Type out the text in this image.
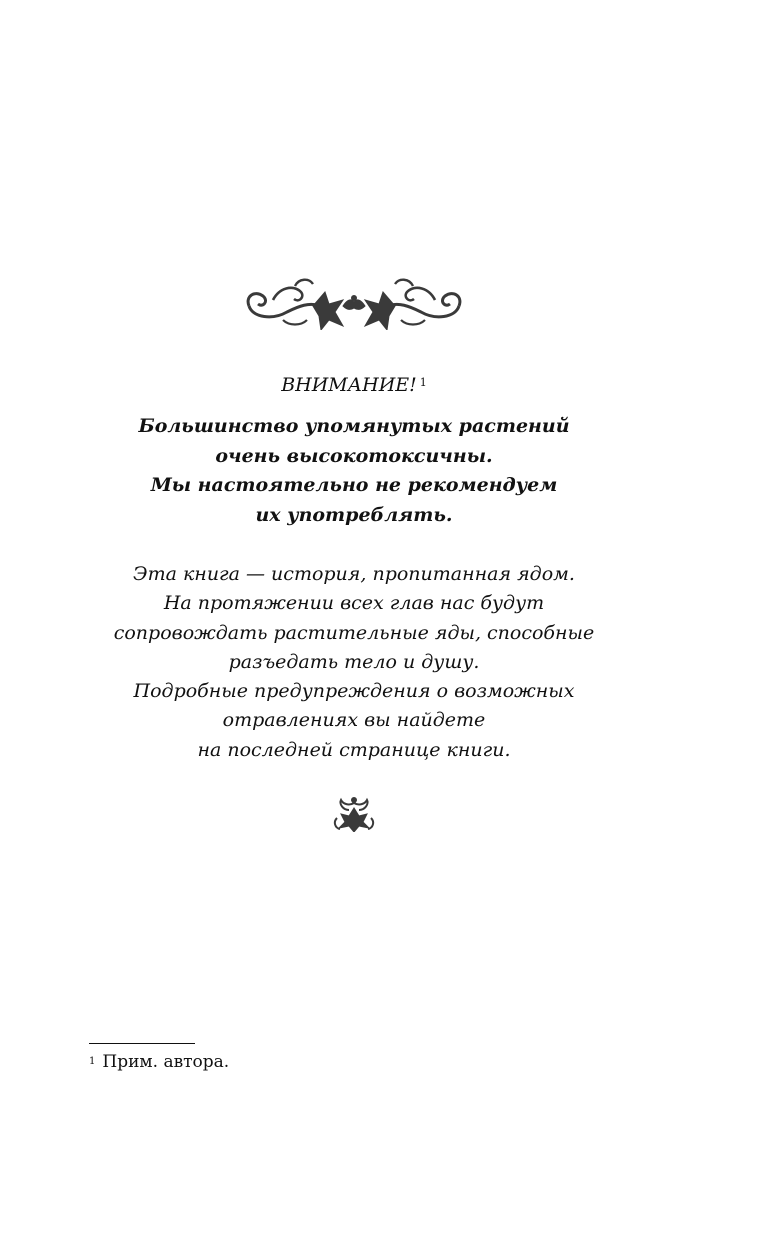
ВНИМАНИЕ! $^1$
Большинство упомянутых растений
очень высокотоксичны.
Мы настоятельно не рекомендуем
их употреблять.
Эта книга — история, пропитанная ядом.
На протяжении всех глав нас будут
сопровождать растительные яды, способные
разъедать тело и душу.
Подробные предупреждения о возможных
отравлениях вы найдете
на последней странице книги.
$^1$ Прим. автора.
